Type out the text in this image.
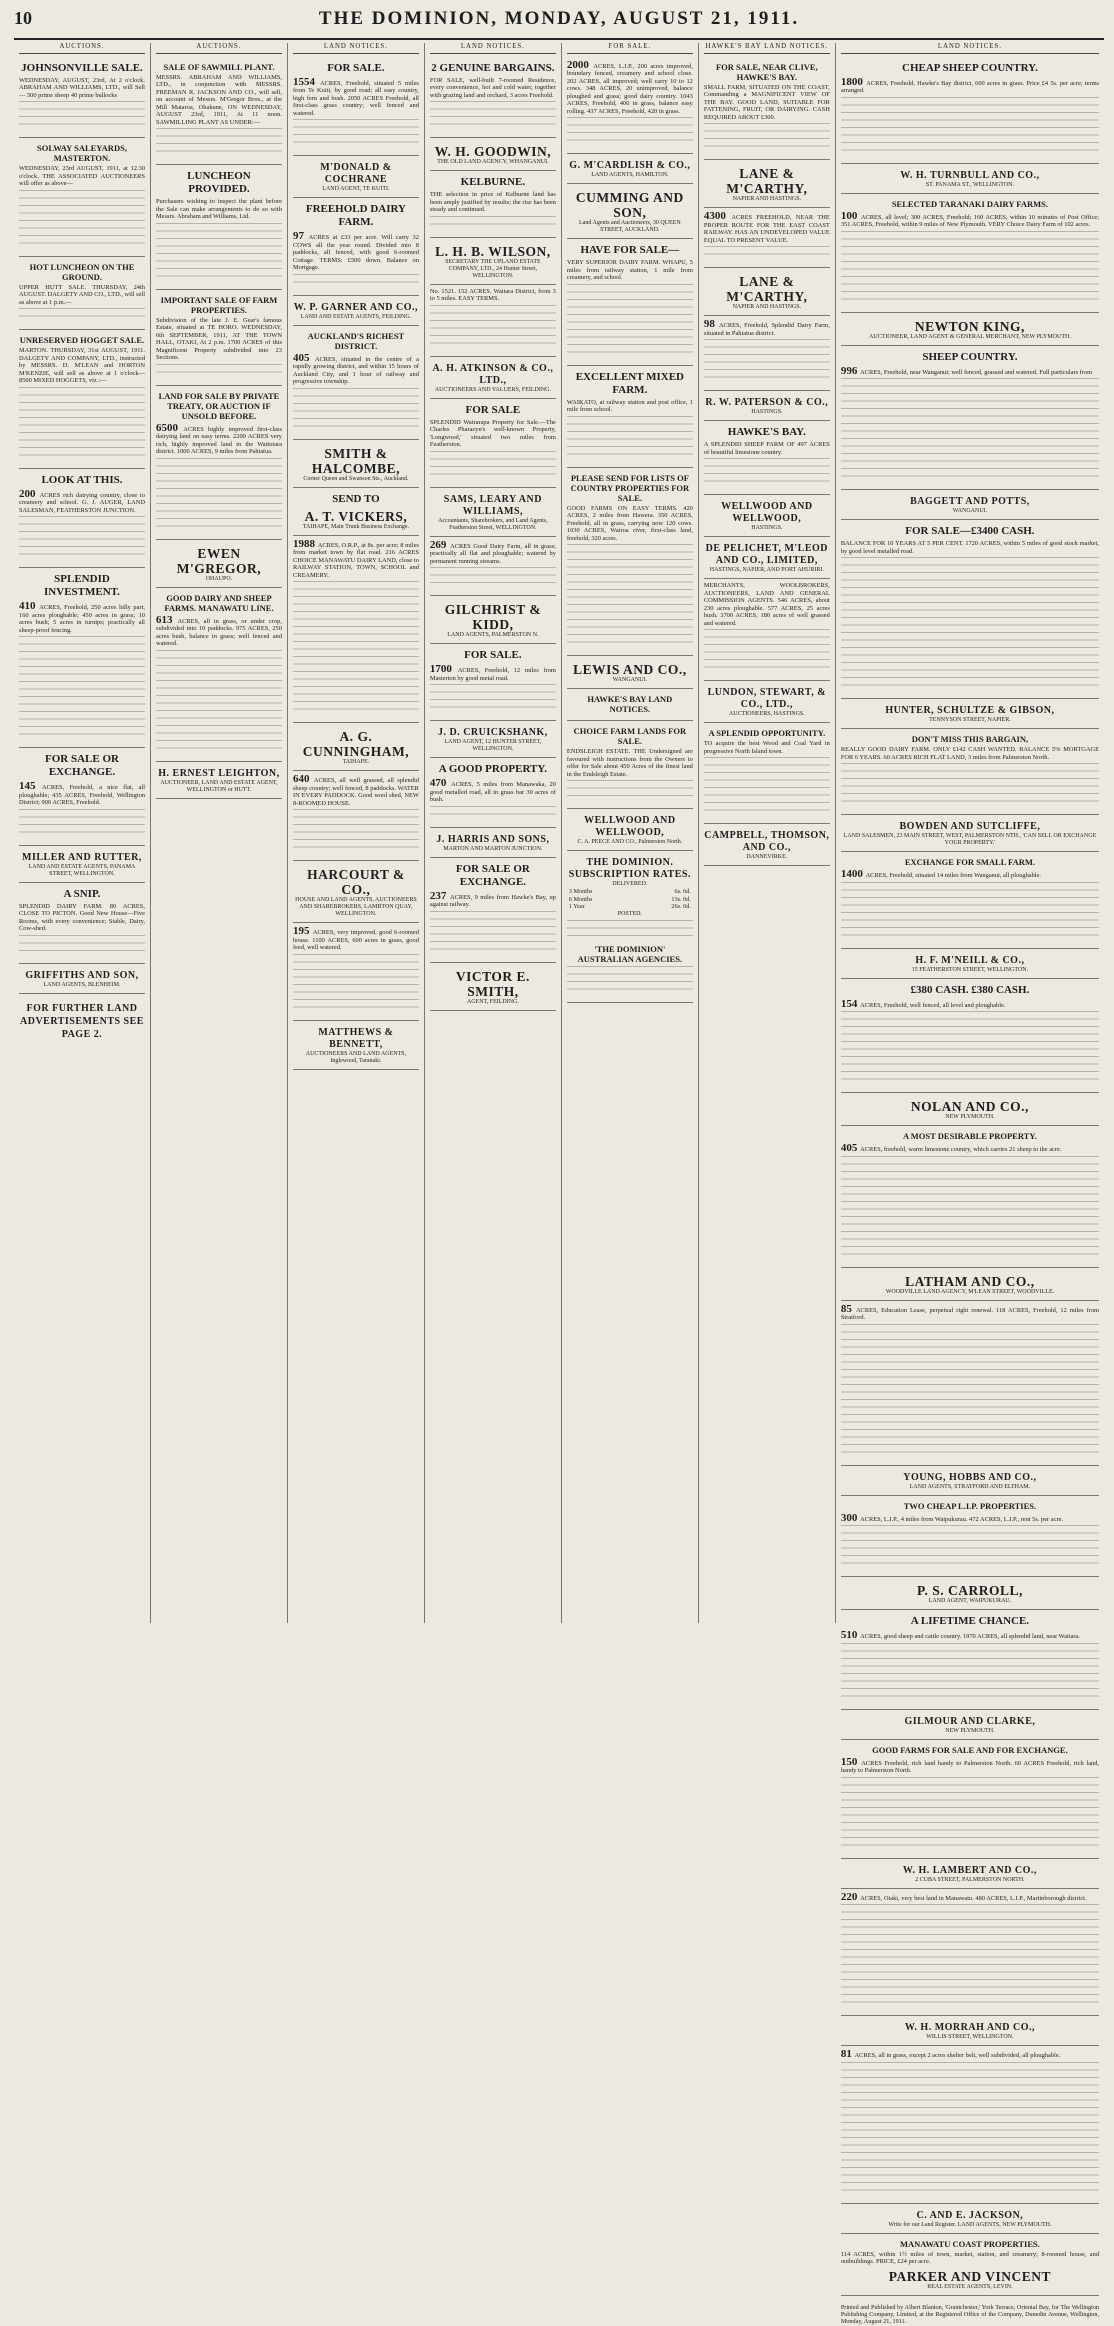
10	THE DOMINION, MONDAY, AUGUST 21, 1911.
AUCTIONS.
JOHNSONVILLE SALE.
WEDNESDAY, AUGUST, 23rd, At 2 o'clock. ABRAHAM AND WILLIAMS, LTD., will Sell— 500 prime sheep 40 prime bullocks
SOLWAY SALEYARDS, MASTERTON.
WEDNESDAY, 23rd AUGUST, 1911, at 12.30 o'clock. THE ASSOCIATED AUCTIONEERS will offer as above—
HOT LUNCHEON ON THE GROUND.
UPPER HUTT SALE. THURSDAY, 24th AUGUST. DALGETY AND CO., LTD., will sell as above at 1 p.m.—
UNRESERVED HOGGET SALE.
MARTON. THURSDAY, 31st AUGUST, 1911. DALGETY AND COMPANY, LTD., instructed by MESSRS. D. M'LEAN and HORTON M'KENZIE, will sell as above at 1 o'clock— 8500 MIXED HOGGETS, viz.:—
LOOK AT THIS.
200 ACRES rich dairying country, close to creamery and school. G. J. AUGER, LAND SALESMAN, FEATHERSTON JUNCTION.
SPLENDID INVESTMENT.
410 ACRES, Freehold, 250 acres hilly part, 160 acres ploughable; 450 acres in grass; 10 acres bush; 5 acres in turnips; practically all sheep-proof fencing.
FOR SALE OR EXCHANGE.
145 ACRES, Freehold, a nice flat, all ploughable; 435 ACRES, Freehold, Wellington District; 900 ACRES, Freehold.
MILLER AND RUTTER,
LAND AND ESTATE AGENTS, PANAMA STREET, WELLINGTON.
A SNIP.
SPLENDID DAIRY FARM. 80 ACRES, CLOSE TO PICTON. Good New House—Five Rooms, with every convenience; Stable, Dairy, Cow-shed.
GRIFFITHS AND SON,
LAND AGENTS, BLENHEIM.
FOR FURTHER LAND ADVERTISEMENTS SEE PAGE 2.
AUCTIONS.
SALE OF SAWMILL PLANT.
MESSRS. ABRAHAM AND WILLIAMS, LTD., in conjunction with MESSRS. FREEMAN R. JACKSON AND CO., will sell, on account of Messrs. M'Gregor Bros., at the Mill Mataroa, Ohakune, ON WEDNESDAY, AUGUST 23rd, 1911, At 11 noon. SAWMILLING PLANT AS UNDER:—
LUNCHEON PROVIDED.
Purchasers wishing to inspect the plant before the Sale can make arrangements to do so with Messrs. Abraham and Williams, Ltd.
IMPORTANT SALE OF FARM PROPERTIES.
Subdivision of the late J. E. Gear's famous Estate, situated at TE HORO. WEDNESDAY, 6th SEPTEMBER, 1911, AT THE TOWN HALL, OTAKI, At 2 p.m. 1700 ACRES of this Magnificent Property subdivided into 23 Sections.
LAND FOR SALE BY PRIVATE TREATY, OR AUCTION IF UNSOLD BEFORE.
6500 ACRES highly improved first-class dairying land on easy terms. 2200 ACRES very rich, highly improved land in the Waitotara district. 1000 ACRES, 9 miles from Pahiatua.
EWEN M'GREGOR,
OHAUPO.
GOOD DAIRY AND SHEEP FARMS. MANAWATU LINE.
613 ACRES, all in grass, or under crop, subdivided into 10 paddocks. 975 ACRES, 250 acres bush, balance in grass; well fenced and watered.
H. ERNEST LEIGHTON,
AUCTIONEER, LAND AND ESTATE AGENT, WELLINGTON or HUTT.
LAND NOTICES.
FOR SALE.
1554 ACRES, Freehold, situated 5 miles from Te Kuiti, by good road; all easy country, high fern and bush. 2050 ACRES Freehold, all first-class grass country; well fenced and watered.
M'DONALD & COCHRANE
LAND AGENT, TE KUITI.
FREEHOLD DAIRY FARM.
97 ACRES at £33 per acre. Will carry 32 COWS all the year round. Divided into 8 paddocks, all fenced, with good 6-roomed Cottage. TERMS: £500 down. Balance on Mortgage.
W. P. GARNER AND CO.,
LAND AND ESTATE AGENTS, FEILDING.
AUCKLAND'S RICHEST DISTRICT.
405 ACRES, situated in the centre of a rapidly growing district, and within 15 hours of Auckland City, and 1 hour of railway and progressive township.
SMITH & HALCOMBE,
Corner Queen and Swanson Sts., Auckland.
SEND TO
A. T. VICKERS,
TAIHAPE, Main Trunk Business Exchange.
1988 ACRES, O.R.P., at 8s. per acre; 8 miles from market town by flat road. 216 ACRES CHOICE MANAWATU DAIRY LAND, close to RAILWAY STATION, TOWN, SCHOOL and CREAMERY.
A. G. CUNNINGHAM,
TAIHAPE.
640 ACRES, all well grassed, all splendid sheep country; well fenced, 8 paddocks. WATER IN EVERY PADDOCK. Good wool shed, NEW 8-ROOMED HOUSE.
HARCOURT & CO.,
HOUSE AND LAND AGENTS, AUCTIONEERS AND SHAREBROKERS, LAMBTON QUAY, WELLINGTON.
195 ACRES, very improved, good 6-roomed house. 1100 ACRES, 600 acres in grass, good feed, well watered.
MATTHEWS & BENNETT,
AUCTIONEERS AND LAND AGENTS, Inglewood, Taranaki.
LAND NOTICES.
2 GENUINE BARGAINS.
FOR SALE, well-built 7-roomed Residence, every convenience, hot and cold water, together with grazing land and orchard, 3 acres Freehold.
W. H. GOODWIN,
THE OLD LAND AGENCY, WHANGANUI.
KELBURNE.
THE selection in price of Kelburne land has been amply justified by results; the rise has been steady and continued.
L. H. B. WILSON,
SECRETARY THE UPLAND ESTATE COMPANY, LTD., 24 Hunter Street, WELLINGTON.
No. 1521. 152 ACRES. Waitara District, from 3 to 5 miles. EASY TERMS.
A. H. ATKINSON & CO., LTD.,
AUCTIONEERS AND VALUERS, FEILDING.
FOR SALE
SPLENDID Wairarapa Property for Sale.—The Charles Pharazyn's well-known Property, 'Longwood,' situated two miles from Featherston.
SAMS, LEARY AND WILLIAMS,
Accountants, Sharebrokers, and Land Agents, Featherston Street, WELLINGTON.
269 ACRES Good Dairy Farm, all in grass; practically all flat and ploughable; watered by permanent running streams.
GILCHRIST & KIDD,
LAND AGENTS, PALMERSTON N.
FOR SALE.
1700 ACRES, Freehold, 12 miles from Masterton by good metal road.
J. D. CRUICKSHANK,
LAND AGENT, 12 HUNTER STREET, WELLINGTON.
A GOOD PROPERTY.
470 ACRES, 5 miles from Manawaka, 20 good metalled road, all in grass bar 30 acres of bush.
J. HARRIS AND SONS,
MARTON AND MARTON JUNCTION.
FOR SALE OR EXCHANGE.
237 ACRES, 9 miles from Hawke's Bay, up against railway.
VICTOR E. SMITH,
AGENT, FEILDING.
FOR SALE.
2000 ACRES, L.I.P., 200 acres improved, boundary fenced, creamery and school close. 202 ACRES, all improved; well carry 10 to 12 cows. 348 ACRES, 20 unimproved, balance ploughed and grass; good dairy country. 1043 ACRES, Freehold, 400 in grass, balance easy rolling. 437 ACRES, Freehold, 420 in grass.
G. M'CARDLISH & CO.,
LAND AGENTS, HAMILTON.
CUMMING AND SON,
Land Agents and Auctioneers, 30 QUEEN STREET, AUCKLAND.
HAVE FOR SALE—
VERY SUPERIOR DAIRY FARM. WHAPU, 5 miles from railway station, 1 mile from creamery, and school.
EXCELLENT MIXED FARM.
WAIKATO, at railway station and post office, 1 mile from school.
PLEASE SEND FOR LISTS OF COUNTRY PROPERTIES FOR SALE.
GOOD FARMS ON EASY TERMS. 420 ACRES, 2 miles from Hawera. 350 ACRES, Freehold, all in grass, carrying now 120 cows. 1030 ACRES, Wairoa river, first-class land, freehold, 320 acres.
LEWIS AND CO.,
WANGANUI.
HAWKE'S BAY LAND NOTICES.
CHOICE FARM LANDS FOR SALE.
ENDSLEIGH ESTATE. THE Undersigned are favoured with instructions from the Owners to offer for Sale about 450 Acres of the finest land in the Endsleigh Estate.
WELLWOOD AND WELLWOOD,
C. A. PEECE AND CO., Palmerston North.
THE DOMINION. SUBSCRIPTION RATES.
DELIVERED.
3 Months	6s. 6d.
6 Months	13s. 0d.
1 Year	26s. 0d.
POSTED.
'THE DOMINION' AUSTRALIAN AGENCIES.
HAWKE'S BAY LAND NOTICES.
FOR SALE, NEAR CLIVE, HAWKE'S BAY.
SMALL FARM, SITUATED ON THE COAST, Commanding a MAGNIFICENT VIEW OF THE BAY. GOOD LAND, SUITABLE FOR FATTENING, FRUIT, OR DAIRYING. CASH REQUIRED ABOUT £300.
LANE & M'CARTHY,
NAPIER AND HASTINGS.
4300 ACRES FREEHOLD, NEAR THE PROPER ROUTE FOR THE EAST COAST RAILWAY. HAS AN UNDEVELOPED VALUE EQUAL TO PRESENT VALUE.
LANE & M'CARTHY,
NAPIER AND HASTINGS.
98 ACRES, Freehold, Splendid Dairy Farm, situated in Pahiatua district.
R. W. PATERSON & CO.,
HASTINGS.
HAWKE'S BAY.
A SPLENDID SHEEP FARM OF 497 ACRES of beautiful limestone country.
WELLWOOD AND WELLWOOD,
HASTINGS.
DE PELICHET, M'LEOD AND CO., LIMITED,
HASTINGS, NAPIER, AND PORT AHURIRI.
MERCHANTS, WOOLBROKERS, AUCTIONEERS, LAND AND GENERAL COMMISSION AGENTS. 546 ACRES, about 230 acres ploughable. 577 ACRES, 25 acres bush. 3700 ACRES, 180 acres of well grassed and watered.
LUNDON, STEWART, & CO., LTD.,
AUCTIONEERS, HASTINGS.
A SPLENDID OPPORTUNITY.
TO acquire the best Wood and Coal Yard in progressive North Island town.
CAMPBELL, THOMSON, AND CO.,
DANNEVIRKE.
LAND NOTICES.
CHEAP SHEEP COUNTRY.
1800 ACRES, Freehold, Hawke's Bay district, 600 acres in grass. Price £4 5s. per acre; terms arranged.
W. H. TURNBULL AND CO.,
ST. PANAMA ST., WELLINGTON.
SELECTED TARANAKI DAIRY FARMS.
100 ACRES, all level; 300 ACRES, Freehold; 160 ACRES, within 10 minutes of Post Office; 351 ACRES, Freehold, within 9 miles of New Plymouth. VERY Choice Dairy Farm of 102 acres.
NEWTON KING,
AUCTIONEER, LAND AGENT & GENERAL MERCHANT, NEW PLYMOUTH.
SHEEP COUNTRY.
996 ACRES, Freehold, near Wanganui; well fenced, grassed and watered. Full particulars from
BAGGETT AND POTTS,
WANGANUI.
FOR SALE—£3400 CASH.
BALANCE FOR 10 YEARS AT 5 PER CENT. 1720 ACRES, within 5 miles of good stock market, by good level metalled road.
HUNTER, SCHULTZE & GIBSON,
TENNYSON STREET, NAPIER.
DON'T MISS THIS BARGAIN,
REALLY GOOD DAIRY FARM. ONLY £142 CASH WANTED. BALANCE 5% MORTGAGE FOR 6 YEARS. 60 ACRES RICH FLAT LAND, 3 miles from Palmerston North.
BOWDEN AND SUTCLIFFE,
LAND SALESMEN, 23 MAIN STREET, WEST, PALMERSTON NTH., 'CAN SELL OR EXCHANGE YOUR PROPERTY.'
EXCHANGE FOR SMALL FARM.
1400 ACRES, Freehold, situated 14 miles from Wanganui, all ploughable.
H. F. M'NEILL & CO.,
15 FEATHERSTON STREET, WELLINGTON.
£380 CASH. £380 CASH.
154 ACRES, Freehold, well fenced, all level and ploughable.
NOLAN AND CO.,
NEW PLYMOUTH.
A MOST DESIRABLE PROPERTY.
405 ACRES, freehold, warm limestone country, which carries 21 sheep to the acre.
LATHAM AND CO.,
WOODVILLE LAND AGENCY, M'LEAN STREET, WOODVILLE.
85 ACRES, Education Lease, perpetual right renewal. 118 ACRES, Freehold, 12 miles from Stratford.
YOUNG, HOBBS AND CO.,
LAND AGENTS, STRATFORD AND ELTHAM.
TWO CHEAP L.I.P. PROPERTIES.
300 ACRES, L.I.P., 4 miles from Waipukurau. 472 ACRES, L.I.P., rent 5s. per acre.
P. S. CARROLL,
LAND AGENT, WAIPUKURAU.
A LIFETIME CHANCE.
510 ACRES, good sheep and cattle country. 1970 ACRES, all splendid land, near Waitara.
GILMOUR AND CLARKE,
NEW PLYMOUTH.
GOOD FARMS FOR SALE AND FOR EXCHANGE.
150 ACRES Freehold, rich land handy to Palmerston North. 60 ACRES Freehold, rich land, handy to Palmerston North.
W. H. LAMBERT AND CO.,
2 CUBA STREET, PALMERSTON NORTH.
220 ACRES, Otaki, very best land in Manawatu. 480 ACRES, L.I.P., Martinborough district.
W. H. MORRAH AND CO.,
WILLIS STREET, WELLINGTON.
81 ACRES, all in grass, except 2 acres shelter belt, well subdivided, all ploughable.
C. AND E. JACKSON,
Write for our Land Register. LAND AGENTS, NEW PLYMOUTH.
MANAWATU COAST PROPERTIES.
114 ACRES, within 1½ miles of town, market, station, and creamery; 8-roomed house, and outbuildings. PRICE, £24 per acre.
PARKER AND VINCENT
REAL ESTATE AGENTS, LEVIN.
Printed and Published by Albert Blanton, 'Grantchester,' York Terrace, Oriental Bay, for The Wellington Publishing Company, Limited, at the Registered Office of the Company, Dunedin Avenue, Wellington, Monday, August 21, 1911.
